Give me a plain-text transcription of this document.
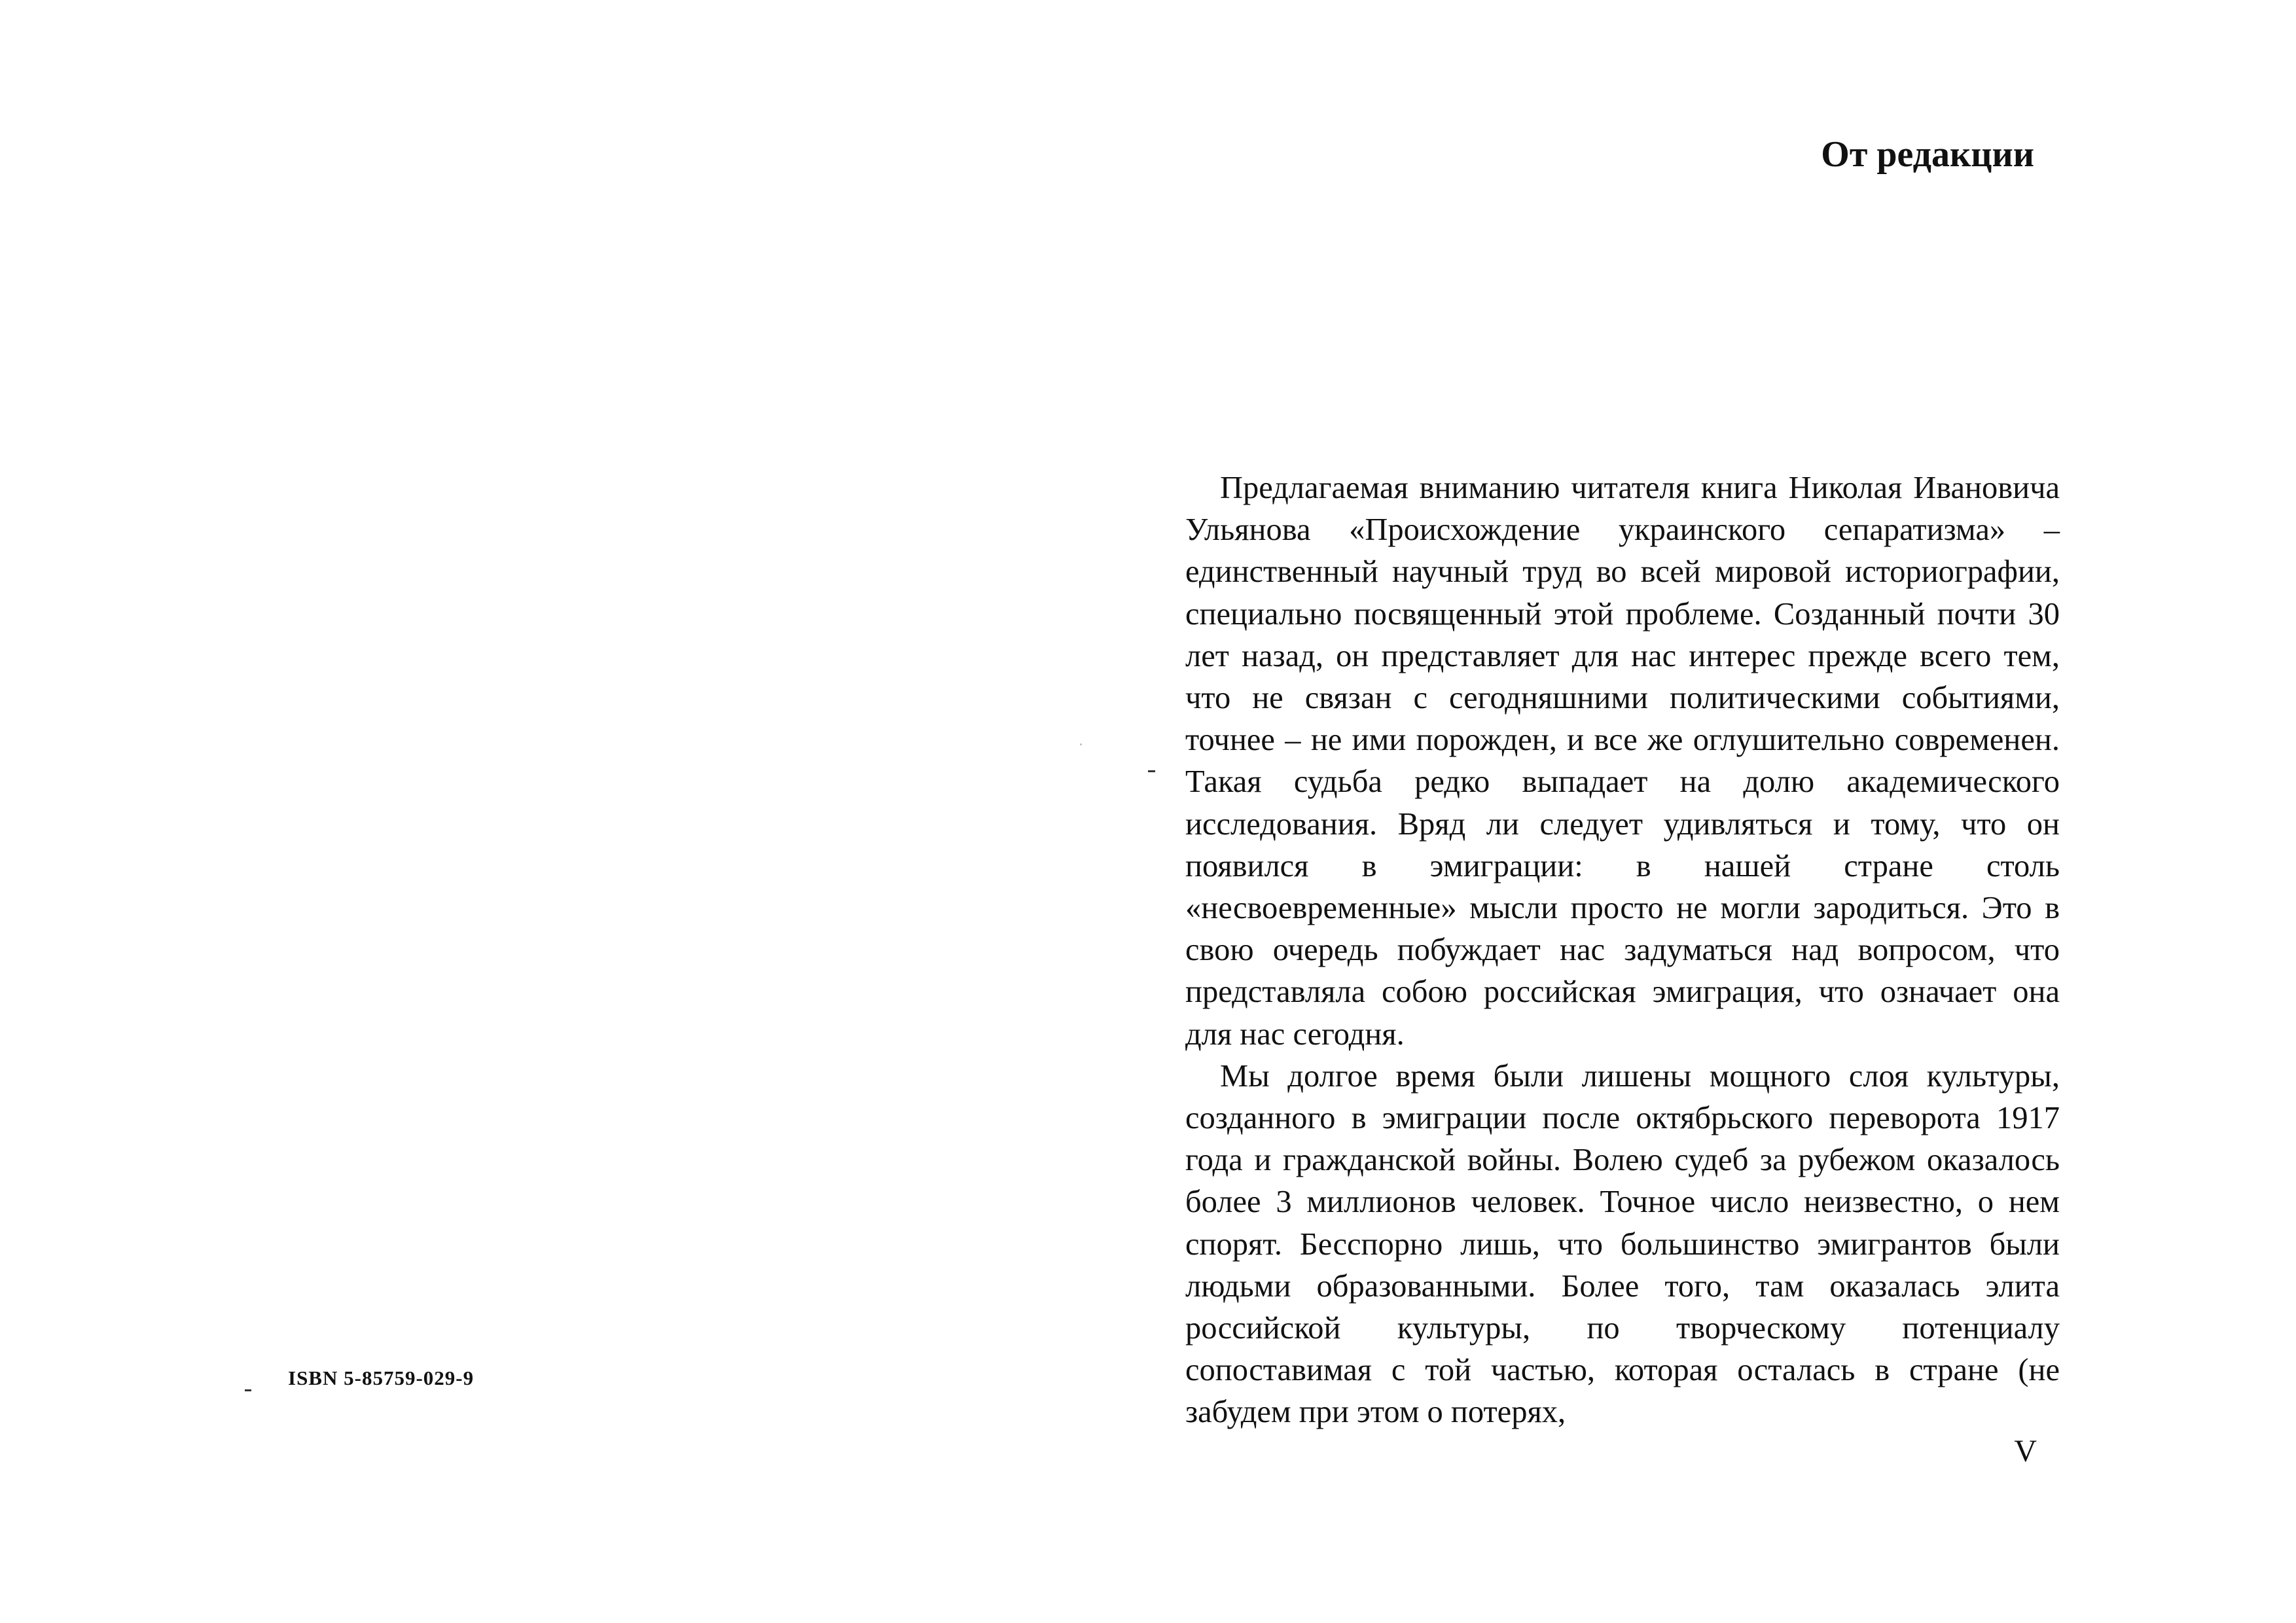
ISBN 5-85759-029-9
От редакции

Предлагаемая вниманию читателя книга Николая Ивановича Ульянова «Происхождение украинского сепаратизма» – единственный научный труд во всей мировой историографии, специально посвященный этой проблеме. Созданный почти 30 лет назад, он представляет для нас интерес прежде всего тем, что не связан с сегодняшними политическими событиями, точнее – не ими порожден, и все же оглушительно современен. Такая судьба редко выпадает на долю академического исследования. Вряд ли следует удивляться и тому, что он появился в эмиграции: в нашей стране столь «несвоевременные» мысли просто не могли зародиться. Это в свою очередь побуждает нас задуматься над вопросом, что представляла собою российская эмиграция, что означает она для нас сегодня.

Мы долгое время были лишены мощного слоя культуры, созданного в эмиграции после октябрьского переворота 1917 года и гражданской войны. Волею судеб за рубежом оказалось более 3 миллионов человек. Точное число неизвестно, о нем спорят. Бесспорно лишь, что большинство эмигрантов были людьми образованными. Более того, там оказалась элита российской культуры, по творческому потенциалу сопоставимая с той частью, которая осталась в стране (не забудем при этом о потерях,

V
